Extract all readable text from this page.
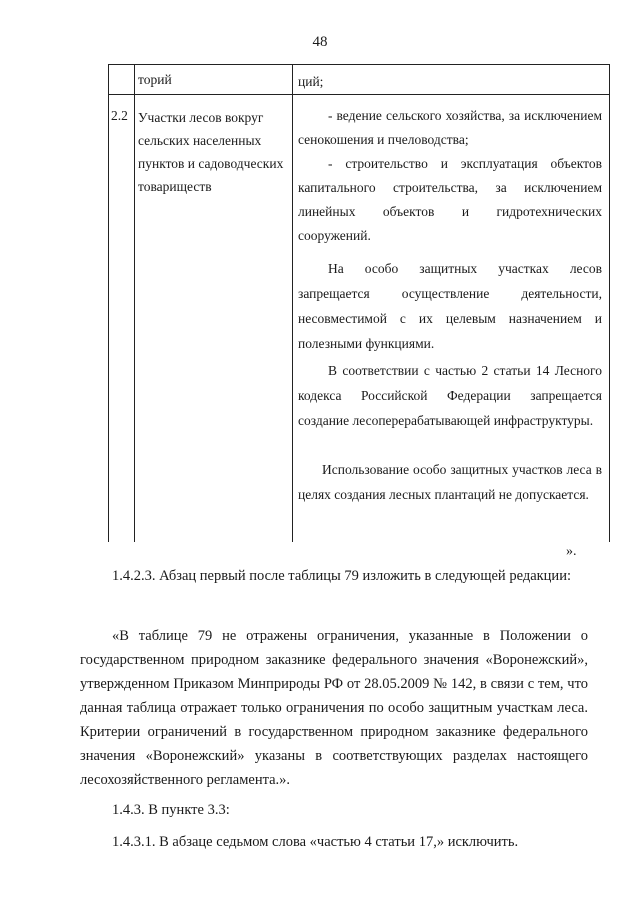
48
торий	ций;
2.2 Участки лесов вокруг сельских населенных пунктов и садоводческих товариществ
- ведение сельского хозяйства, за исключением сенокошения и пчеловодства;
- строительство и эксплуатация объектов капитального строительства, за исключением линейных объектов и гидротехнических сооружений.
На особо защитных участках лесов запрещается осуществление деятельности, несовместимой с их целевым назначением и полезными функциями.
В соответствии с частью 2 статьи 14 Лесного кодекса Российской Федерации запрещается создание лесоперерабатывающей инфраструктуры.
Использование особо защитных участков леса в целях создания лесных плантаций не допускается.
».
1.4.2.3. Абзац первый после таблицы 79 изложить в следующей редакции:
«В таблице 79 не отражены ограничения, указанные в Положении о государственном природном заказнике федерального значения «Воронежский», утвержденном Приказом Минприроды РФ от 28.05.2009 № 142, в связи с тем, что данная таблица отражает только ограничения по особо защитным участкам леса. Критерии ограничений в государственном природном заказнике федерального значения «Воронежский» указаны в соответствующих разделах настоящего лесохозяйственного регламента.».
1.4.3. В пункте 3.3:
1.4.3.1. В абзаце седьмом слова «частью 4 статьи 17,» исключить.
